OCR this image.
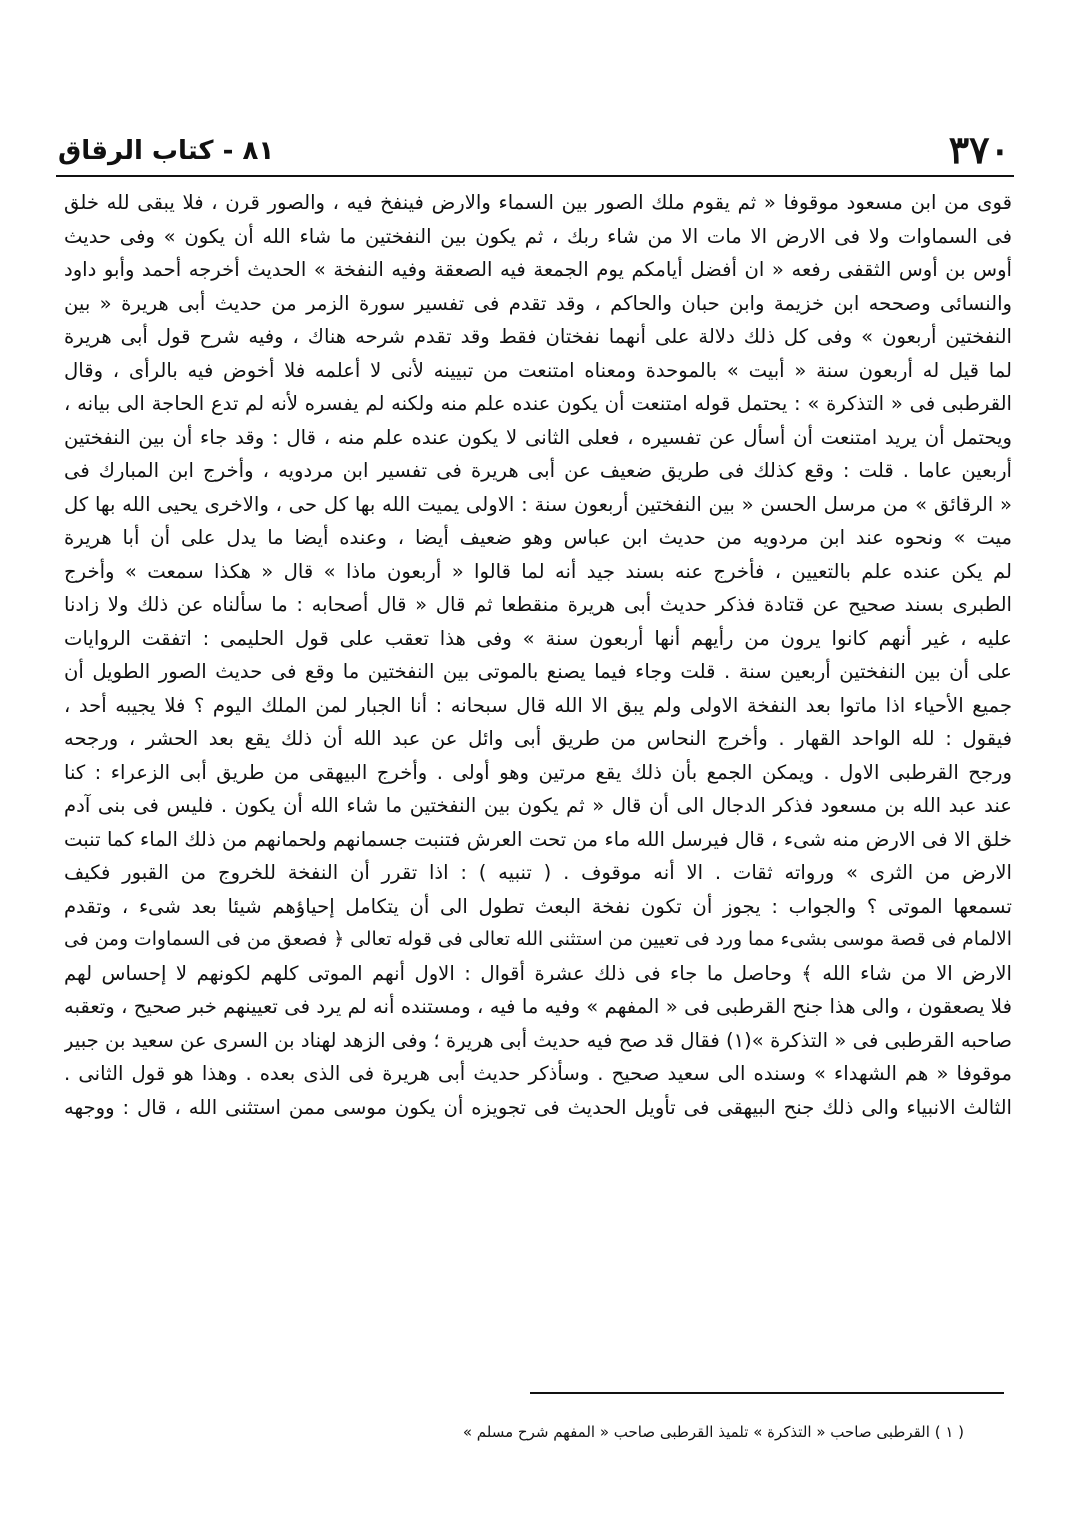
٣٧٠
٨١ - كتاب الرقاق
قوى من ابن مسعود موقوفا « ثم يقوم ملك الصور بين السماء والارض فينفخ فيه ، والصور قرن ، فلا يبقى لله خلق
فى السماوات ولا فى الارض الا مات الا من شاء ربك ، ثم يكون بين النفختين ما شاء الله أن يكون » وفى حديث
أوس بن أوس الثقفى رفعه « ان أفضل أيامكم يوم الجمعة فيه الصعقة وفيه النفخة » الحديث أخرجه أحمد وأبو داود
والنسائى وصححه ابن خزيمة وابن حبان والحاكم ، وقد تقدم فى تفسير سورة الزمر من حديث أبى هريرة « بين
النفختين أربعون » وفى كل ذلك دلالة على أنهما نفختان فقط وقد تقدم شرحه هناك ، وفيه شرح قول أبى هريرة
لما قيل له أربعون سنة « أبيت » بالموحدة ومعناه امتنعت من تبيينه لأنى لا أعلمه فلا أخوض فيه بالرأى ، وقال
القرطبى فى « التذكرة » : يحتمل قوله امتنعت أن يكون عنده علم منه ولكنه لم يفسره لأنه لم تدع الحاجة الى بيانه ،
ويحتمل أن يريد امتنعت أن أسأل عن تفسيره ، فعلى الثانى لا يكون عنده علم منه ، قال : وقد جاء أن بين النفختين
أربعين عاما . قلت : وقع كذلك فى طريق ضعيف عن أبى هريرة فى تفسير ابن مردويه ، وأخرج ابن المبارك فى
« الرقائق » من مرسل الحسن « بين النفختين أربعون سنة : الاولى يميت الله بها كل حى ، والاخرى يحيى الله بها كل
ميت » ونحوه عند ابن مردويه من حديث ابن عباس وهو ضعيف أيضا ، وعنده أيضا ما يدل على أن أبا هريرة
لم يكن عنده علم بالتعيين ، فأخرج عنه بسند جيد أنه لما قالوا « أربعون ماذا » قال « هكذا سمعت » وأخرج
الطبرى بسند صحيح عن قتادة فذكر حديث أبى هريرة منقطعا ثم قال « قال أصحابه : ما سألناه عن ذلك ولا زادنا
عليه ، غير أنهم كانوا يرون من رأيهم أنها أربعون سنة » وفى هذا تعقب على قول الحليمى : اتفقت الروايات
على أن بين النفختين أربعين سنة . قلت وجاء فيما يصنع بالموتى بين النفختين ما وقع فى حديث الصور الطويل أن
جميع الأحياء اذا ماتوا بعد النفخة الاولى ولم يبق الا الله قال سبحانه : أنا الجبار لمن الملك اليوم ؟ فلا يجيبه أحد ،
فيقول : لله الواحد القهار . وأخرج النحاس من طريق أبى وائل عن عبد الله أن ذلك يقع بعد الحشر ، ورجحه
ورجح القرطبى الاول . ويمكن الجمع بأن ذلك يقع مرتين وهو أولى . وأخرج البيهقى من طريق أبى الزعراء : كنا
عند عبد الله بن مسعود فذكر الدجال الى أن قال « ثم يكون بين النفختين ما شاء الله أن يكون . فليس فى بنى آدم
خلق الا فى الارض منه شىء ، قال فيرسل الله ماء من تحت العرش فتنبت جسمانهم ولحمانهم من ذلك الماء كما تنبت
الارض من الثرى » ورواته ثقات . الا أنه موقوف . ( تنبيه ) : اذا تقرر أن النفخة للخروج من القبور فكيف
تسمعها الموتى ؟ والجواب : يجوز أن تكون نفخة البعث تطول الى أن يتكامل إحياؤهم شيئا بعد شىء ، وتقدم
الالمام فى قصة موسى بشىء مما ورد فى تعيين من استثنى الله تعالى فى قوله تعالى ﴿ فصعق من فى السماوات ومن فى
الارض الا من شاء الله ﴾ وحاصل ما جاء فى ذلك عشرة أقوال : الاول أنهم الموتى كلهم لكونهم لا إحساس لهم
فلا يصعقون ، والى هذا جنح القرطبى فى « المفهم » وفيه ما فيه ، ومستنده أنه لم يرد فى تعيينهم خبر صحيح ، وتعقبه
صاحبه القرطبى فى « التذكرة »(١) فقال قد صح فيه حديث أبى هريرة ؛ وفى الزهد لهناد بن السرى عن سعيد بن جبير
موقوفا « هم الشهداء » وسنده الى سعيد صحيح . وسأذكر حديث أبى هريرة فى الذى بعده . وهذا هو قول الثانى .
الثالث الانبياء والى ذلك جنح البيهقى فى تأويل الحديث فى تجويزه أن يكون موسى ممن استثنى الله ، قال : ووجهه
( ١ ) القرطبى صاحب « التذكرة » تلميذ القرطبى صاحب « المفهم شرح مسلم »
